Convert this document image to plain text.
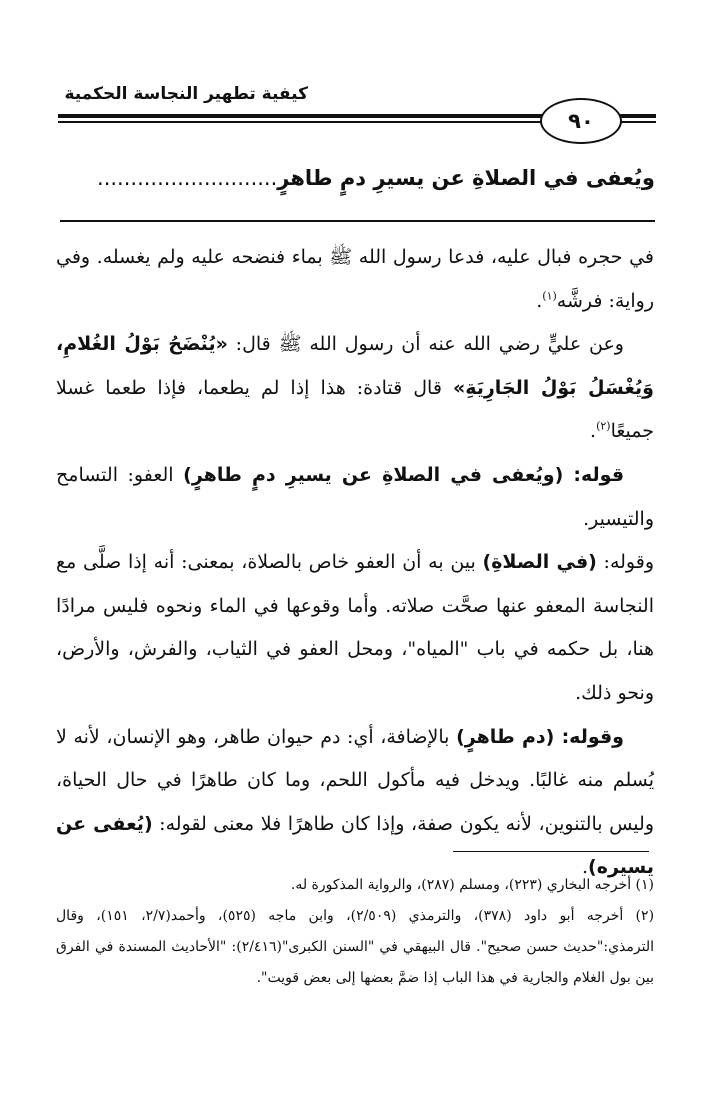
كيفية تطهير النجاسة الحكمية
٩٠
ويُعفى في الصلاةِ عن يسيرِ دمٍ طاهرٍ...........................

في حجره فبال عليه، فدعا رسول الله ﷺ بماء فنضحه عليه ولم يغسله. وفي رواية: فرشَّه$^{(١)}$.

وعن عليٍّ رضي الله عنه أن رسول الله ﷺ قال: «يُنْضَحُ بَوْلُ الغُلامِ، وَيُغْسَلُ بَوْلُ الجَارِيَةِ» قال قتادة: هذا إذا لم يطعما، فإذا طعما غسلا جميعًا$^{(٢)}$.

قوله: (ويُعفى في الصلاةِ عن يسيرِ دمٍ طاهرٍ) العفو: التسامح والتيسير.

وقوله: (في الصلاةِ) بين به أن العفو خاص بالصلاة، بمعنى: أنه إذا صلَّى مع النجاسة المعفو عنها صحَّت صلاته. وأما وقوعها في الماء ونحوه فليس مرادًا هنا، بل حكمه في باب "المياه"، ومحل العفو في الثياب، والفرش، والأرض، ونحو ذلك.

وقوله: (دم طاهرٍ) بالإضافة، أي: دم حيوان طاهر، وهو الإنسان، لأنه لا يُسلم منه غالبًا. ويدخل فيه مأكول اللحم، وما كان طاهرًا في حال الحياة، وليس بالتنوين، لأنه يكون صفة، وإذا كان طاهرًا فلا معنى لقوله: (يُعفى عن يسيره).

(١) أخرجه البخاري (٢٢٣)، ومسلم (٢٨٧)، والرواية المذكورة له.

(٢) أخرجه أبو داود (٣٧٨)، والترمذي (٢/٥٠٩)، وابن ماجه (٥٢٥)، وأحمد(٢/٧، ١٥١)، وقال الترمذي:"حديث حسن صحيح". قال البيهقي في "السنن الكبرى"(٢/٤١٦): "الأحاديث المسندة في الفرق بين بول الغلام والجارية في هذا الباب إذا ضمَّ بعضها إلى بعض قويت".
